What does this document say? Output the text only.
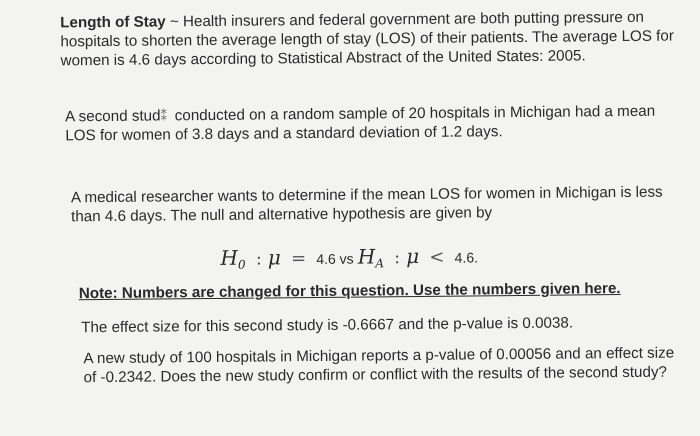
Length of Stay ~ Health insurers and federal government are both putting pressure on hospitals to shorten the average length of stay (LOS) of their patients. The average LOS for women is 4.6 days according to Statistical Abstract of the United States: 2005.
A second stud⁑ conducted on a random sample of 20 hospitals in Michigan had a mean LOS for women of 3.8 days and a standard deviation of 1.2 days.
A medical researcher wants to determine if the mean LOS for women in Michigan is less than 4.6 days. The null and alternative hypothesis are given by
$H_0$ : μ = 4.6 vs $H_A$ : μ < 4.6.
Note: Numbers are changed for this question. Use the numbers given here.
The effect size for this second study is -0.6667 and the p-value is 0.0038.
A new study of 100 hospitals in Michigan reports a p-value of 0.00056 and an effect size of -0.2342. Does the new study confirm or conflict with the results of the second study?
